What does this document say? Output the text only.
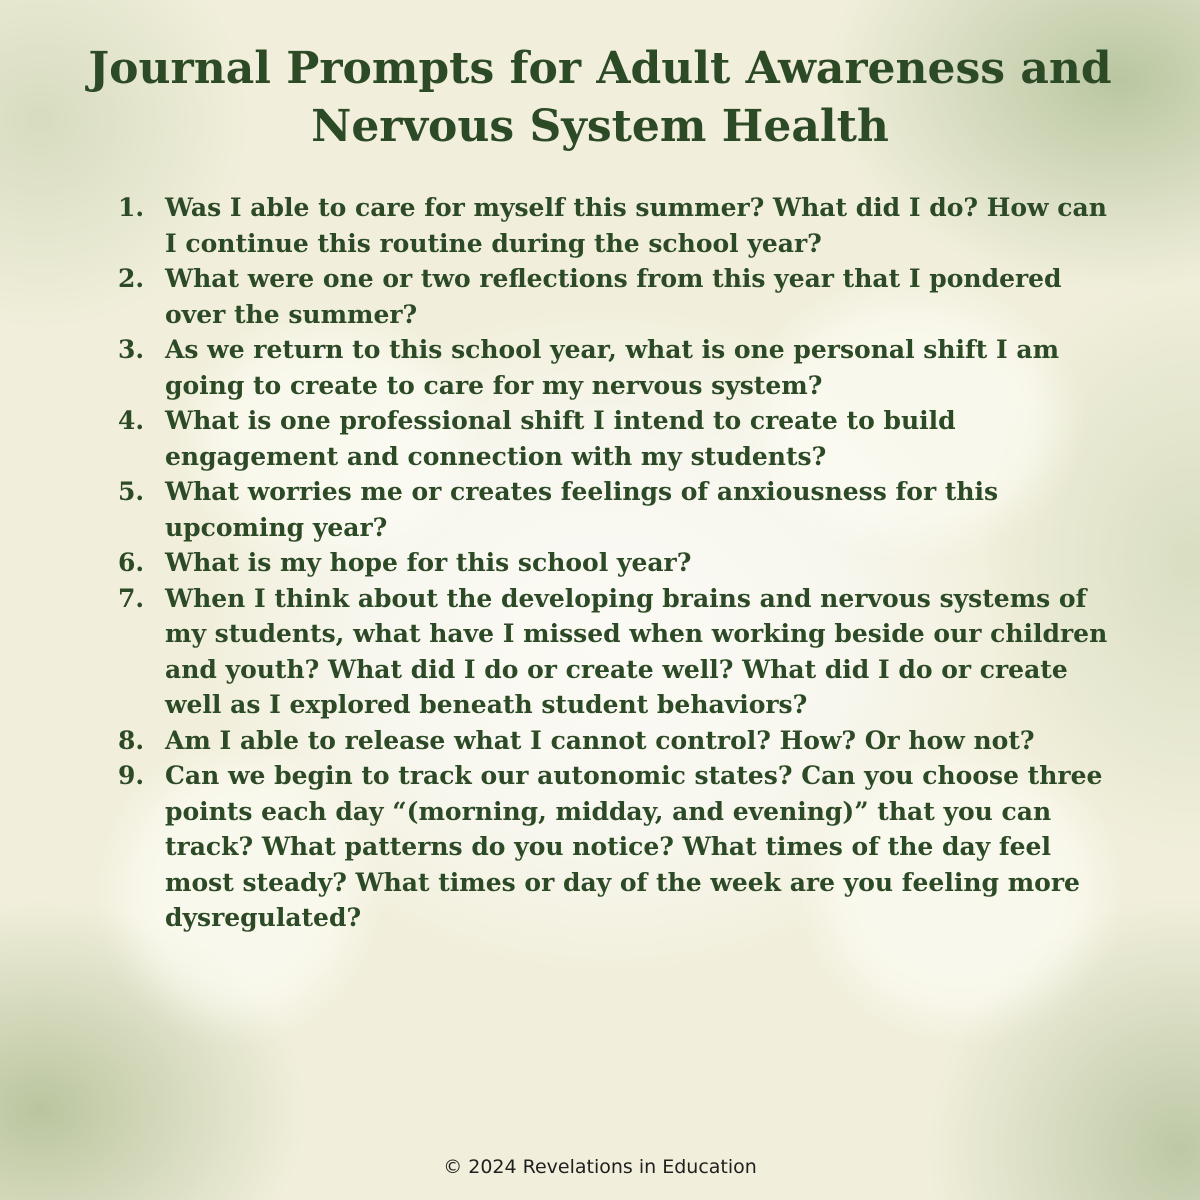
Journal Prompts for Adult Awareness and Nervous System Health
1. Was I able to care for myself this summer? What did I do? How can I continue this routine during the school year?
2. What were one or two reflections from this year that I pondered over the summer?
3. As we return to this school year, what is one personal shift I am going to create to care for my nervous system?
4. What is one professional shift I intend to create to build engagement and connection with my students?
5. What worries me or creates feelings of anxiousness for this upcoming year?
6. What is my hope for this school year?
7. When I think about the developing brains and nervous systems of my students, what have I missed when working beside our children and youth? What did I do or create well? What did I do or create well as I explored beneath student behaviors?
8. Am I able to release what I cannot control? How? Or how not?
9. Can we begin to track our autonomic states? Can you choose three points each day “(morning, midday, and evening)” that you can track? What patterns do you notice? What times of the day feel most steady? What times or day of the week are you feeling more dysregulated?
© 2024 Revelations in Education
